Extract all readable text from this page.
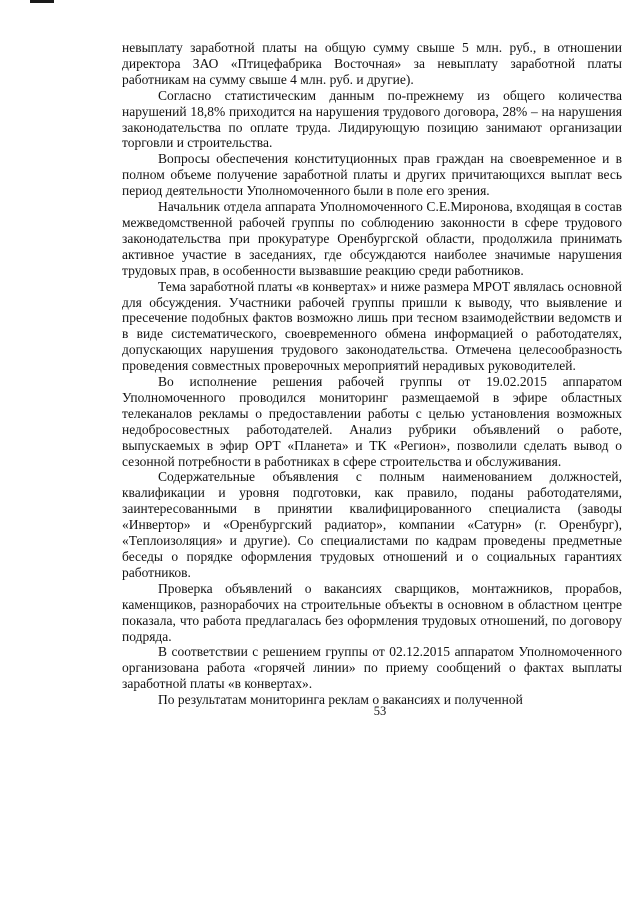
невыплату заработной платы на общую сумму свыше 5 млн. руб., в отношении директора ЗАО «Птицефабрика Восточная» за невыплату заработной платы работникам на сумму свыше 4 млн. руб. и другие).

Согласно статистическим данным по-прежнему из общего количества нарушений 18,8% приходится на нарушения трудового договора, 28% – на нарушения законодательства по оплате труда. Лидирующую позицию занимают организации торговли и строительства.

Вопросы обеспечения конституционных прав граждан на своевременное и в полном объеме получение заработной платы и других причитающихся выплат весь период деятельности Уполномоченного были в поле его зрения.

Начальник отдела аппарата Уполномоченного С.Е.Миронова, входящая в состав межведомственной рабочей группы по соблюдению законности в сфере трудового законодательства при прокуратуре Оренбургской области, продолжила принимать активное участие в заседаниях, где обсуждаются наиболее значимые нарушения трудовых прав, в особенности вызвавшие реакцию среди работников.

Тема заработной платы «в конвертах» и ниже размера МРОТ являлась основной для обсуждения. Участники рабочей группы пришли к выводу, что выявление и пресечение подобных фактов возможно лишь при тесном взаимодействии ведомств и в виде систематического, своевременного обмена информацией о работодателях, допускающих нарушения трудового законодательства. Отмечена целесообразность проведения совместных проверочных мероприятий нерадивых руководителей.

Во исполнение решения рабочей группы от 19.02.2015 аппаратом Уполномоченного проводился мониторинг размещаемой в эфире областных телеканалов рекламы о предоставлении работы с целью установления возможных недобросовестных работодателей. Анализ рубрики объявлений о работе, выпускаемых в эфир ОРТ «Планета» и ТК «Регион», позволили сделать вывод о сезонной потребности в работниках в сфере строительства и обслуживания.

Содержательные объявления с полным наименованием должностей, квалификации и уровня подготовки, как правило, поданы работодателями, заинтересованными в принятии квалифицированного специалиста (заводы «Инвертор» и «Оренбургский радиатор», компании «Сатурн» (г. Оренбург), «Теплоизоляция» и другие). Со специалистами по кадрам проведены предметные беседы о порядке оформления трудовых отношений и о социальных гарантиях работников.

Проверка объявлений о вакансиях сварщиков, монтажников, прорабов, каменщиков, разнорабочих на строительные объекты в основном в областном центре показала, что работа предлагалась без оформления трудовых отношений, по договору подряда.

В соответствии с решением группы от 02.12.2015 аппаратом Уполномоченного организована работа «горячей линии» по приему сообщений о фактах выплаты заработной платы «в конвертах».

По результатам мониторинга реклам о вакансиях и полученной

53
